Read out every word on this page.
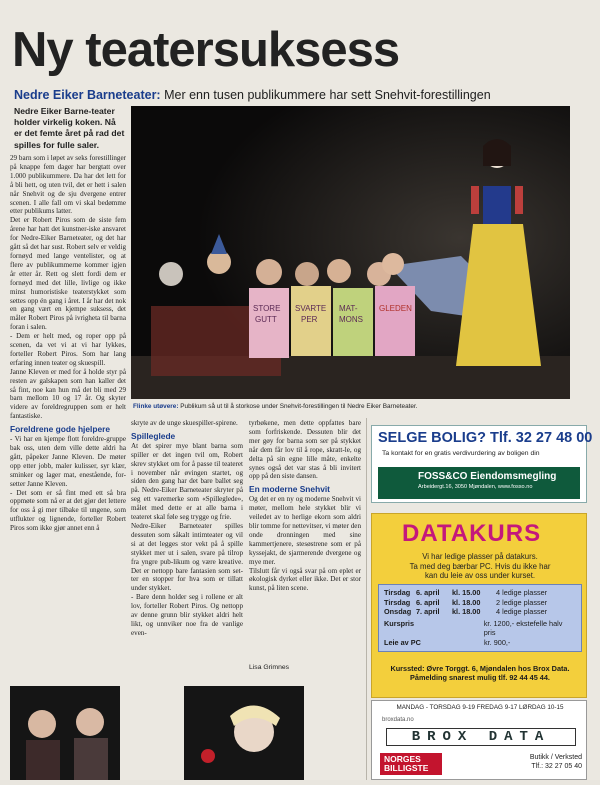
Ny teatersuksess
Nedre Eiker Barneteater: Mer enn tusen publikummere har sett Snehvit-forestillingen
Nedre Eiker Barne-teater holder virkelig koken. Nå er det femte året på rad det spilles for fulle saler.
STORE
GUTT
SVARTE
PER
MAT-
MONS
GLEDEN
Flinke utøvere: Publikum så ut til å storkose under Snehvit-forestillingen til Nedre Eiker Barneteater.

29 barn som i løpet av seks forestillinger på knappe fem dager har bergtatt over 1.000 publikummere. Da har det lett for å bli hett, og uten tvil, det er hett i salen når Snehvit og de sju dvergene entrer scenen. I alle fall om vi skal bedømme etter publikums latter.

Det er Robert Piros som de siste fem årene har hatt det kunstner-iske ansvaret for Nedre-Eiker Barneteater, og det har gått så det har sust. Robert selv er veldig fornøyd med lange ventelister, og at flere av publikummerne kommer igjen år etter år. Rett og slett fordi dem er fornøyd med det lille, livlige og ikke minst humoristiske teaterstykket som settes opp én gang i året. I år har det nok en gang vært en kjempe suksess, det måler Robert Piros på ivrigheta til barna foran i salen.

- Dem er helt med, og roper opp på scenen, da vet vi at vi har lykkes, forteller Robert Piros. Som har lang erfaring innen teater og skuespill.

Janne Kleven er med for å holde styr på resten av galskapen som han kaller det så fint, noe kan hun må det bli med 29 barn mellom 10 og 17 år. Og skyter videre av foreldregruppen som er helt fantastiske.

Foreldrene gode hjelpere

- Vi har en kjempe flott foreldre-gruppe bak oss, uten dem ville dette aldri ha gått, påpeker Janne Kleven. De møter opp etter jobb, maler kulisser, syr klær, sminker og lager mat, enestående, for-setter Janne Kleven.

- Det som er så fint med ett så bra oppmøte som nå er at det gjør det lettere for oss å gi mer tilbake til ungene, som utflukter og lignende, forteller Robert Piros som ikke gjør annet enn å

skryte av de unge skuespiller-spirene.

Spilleglede

At det spirer mye blant barna som spiller er det ingen tvil om, Robert skrev stykket om for å passe til teateret i november når øvingen startet, og siden den gang har det bare ballet seg på. Nedre-Eiker Barneteater skryter på seg ett varemerke som «Spilleglede», målet med dette er at alle barna i teateret skal føle seg trygge og frie.

Nedre-Eiker Barneteater spilles dessuten som såkalt intimteater og vil si at det legges stor vekt på å spille stykket mer ut i salen, svare på tilrop fra yngre pub-likum og være kreative. Det er nettopp bare fantasien som set-ter en stopper for hva som er tillatt under stykket.

- Bare denn holder seg i rollene er alt lov, forteller Robert Piros. Og nettopp av denne grunn blir stykket aldri helt likt, og unnviker noe fra de vanlige even-

tyrbøkene, men dette oppfattes bare som forfriskende. Dessuten blir det mer gøy for barna som ser på stykket når dem får lov til å rope, skratt-le, og delta på sin egne lille måte, enkelte synes også det var stas å bli invitert opp på den siste dansen.

En moderne Snehvit

Og det er en ny og moderne Snehvit vi møter, mellom hele stykket blir vi veiledet av to herlige ekorn som aldri blir tomme for nettevitser, vi møter den onde dronningen med sine kammertjenere, stesøstrene som er på kyssejakt, de sjarmerende dvergene og mye mer.

Tilslutt får vi også svar på om eplet er økologisk dyrket eller ikke. Det er stor kunst, på liten scene.

Lisa Grimnes
SELGE BOLIG? Tlf. 32 27 48 00
Ta kontakt for en gratis verdivurdering av boligen din
FOSS&CO Eiendomsmegling
Arbeidergt.16, 3050 Mjøndalen, www.fosso.no
DATAKURS
Vi har ledige plasser på datakurs.
Ta med deg bærbar PC. Hvis du ikke har
kan du leie av oss under kurset.
Tirsdag 6. april	kl. 15.00	4 ledige plasser
Tirsdag 6. april	kl. 18.00	2 ledige plasser
Onsdag 7. april	kl. 18.00	4 ledige plasser
Kurspris	kr. 1200,- ekstefelle halv pris
Leie av PC	kr. 900,-
Kurssted: Øvre Torggt. 6, Mjøndalen hos Brox Data.
Påmelding snarest mulig tlf. 92 44 45 44.
MANDAG - TORSDAG 9-19 FREDAG 9-17 LØRDAG 10-15
broxdata.no
BROX DATA
NORGES BILLIGSTE
Butikk / Verksted
Tlf.: 32 27 05 40
